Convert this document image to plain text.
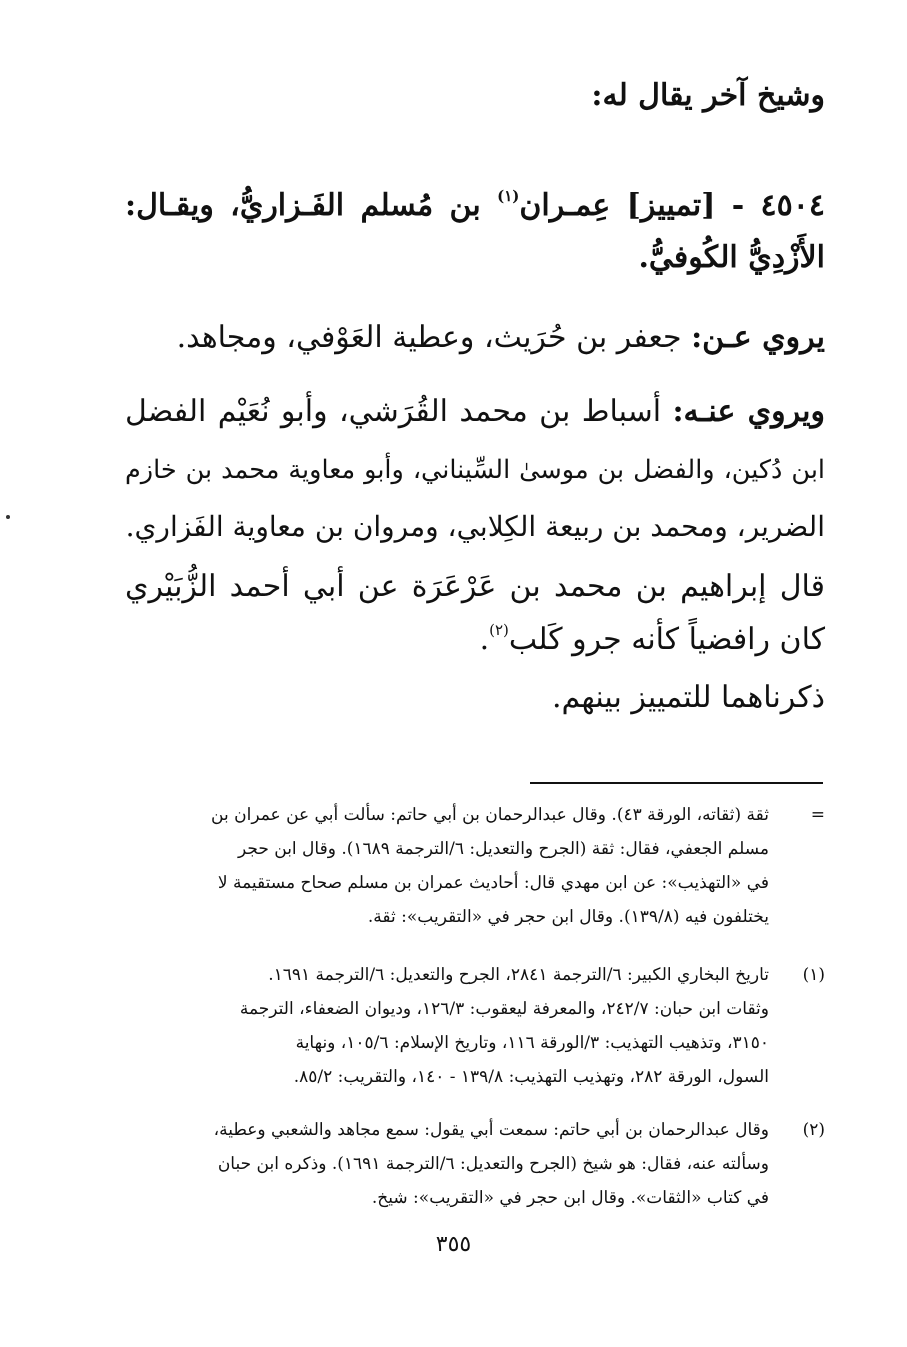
وشيخ آخر يقال له:
٤٥٠٤ - [تمييز] عِمـران$^{(١)}$ بن مُسلم الفَـزاريُّ، ويقـال:
الأَزْدِيُّ الكُوفيُّ.
يروي عـن: جعفر بن حُرَيث، وعطية العَوْفي، ومجاهد.
ويروي عنـه: أسباط بن محمد القُرَشي، وأبو نُعَيْم الفضل
ابن دُكين، والفضل بن موسىٰ السِّيناني، وأبو معاوية محمد بن خازم
الضرير، ومحمد بن ربيعة الكِلابي، ومروان بن معاوية الفَزاري.
قال إبراهيم بن محمد بن عَرْعَرَة عن أبي أحمد الزُّبَيْري
كان رافضياً كأنه جرو كَلب$^{(٢)}$.
ذكرناهما للتمييز بينهم.
=
ثقة (ثقاته، الورقة ٤٣). وقال عبدالرحمان بن أبي حاتم: سألت أبي عن عمران بن
مسلم الجعفي، فقال: ثقة (الجرح والتعديل: ٦/الترجمة ١٦٨٩). وقال ابن حجر
في «التهذيب»: عن ابن مهدي قال: أحاديث عمران بن مسلم صحاح مستقيمة لا
يختلفون فيه (١٣٩/٨). وقال ابن حجر في «التقريب»: ثقة.
(١)
تاريخ البخاري الكبير: ٦/الترجمة ٢٨٤١، الجرح والتعديل: ٦/الترجمة ١٦٩١.
وثقات ابن حبان: ٢٤٢/٧، والمعرفة ليعقوب: ١٢٦/٣، وديوان الضعفاء، الترجمة
٣١٥٠، وتذهيب التهذيب: ٣/الورقة ١١٦، وتاريخ الإسلام: ١٠٥/٦، ونهاية
السول، الورقة ٢٨٢، وتهذيب التهذيب: ١٣٩/٨ - ١٤٠، والتقريب: ٨٥/٢.
(٢)
وقال عبدالرحمان بن أبي حاتم: سمعت أبي يقول: سمع مجاهد والشعبي وعطية،
وسألته عنه، فقال: هو شيخ (الجرح والتعديل: ٦/الترجمة ١٦٩١). وذكره ابن حبان
في كتاب «الثقات». وقال ابن حجر في «التقريب»: شيخ.
٣٥٥
